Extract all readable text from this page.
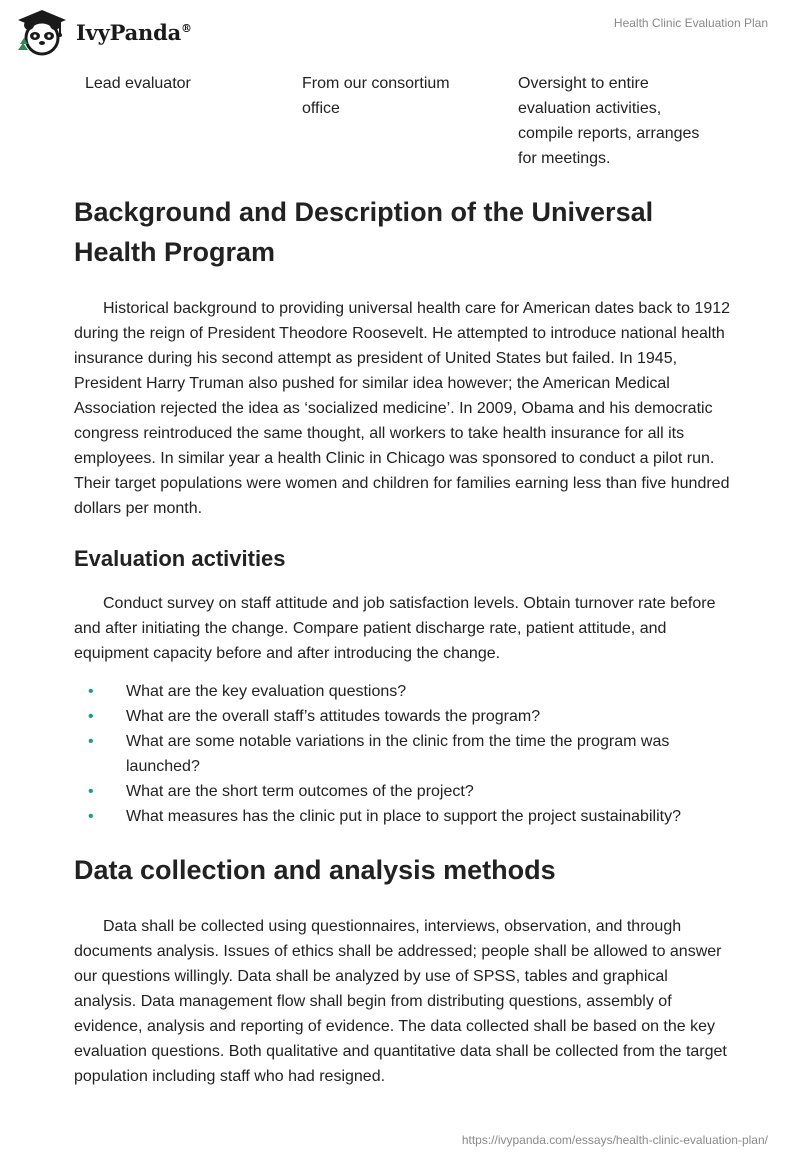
IvyPanda®	Health Clinic Evaluation Plan
Lead evaluator	From our consortium
office
Oversight to entire
evaluation activities,
compile reports, arranges
for meetings.
Background and Description of the Universal Health Program

Historical background to providing universal health care for American dates back to 1912 during the reign of President Theodore Roosevelt. He attempted to introduce national health insurance during his second attempt as president of United States but failed. In 1945, President Harry Truman also pushed for similar idea however; the American Medical Association rejected the idea as ‘socialized medicine’. In 2009, Obama and his democratic congress reintroduced the same thought, all workers to take health insurance for all its employees. In similar year a health Clinic in Chicago was sponsored to conduct a pilot run. Their target populations were women and children for families earning less than five hundred dollars per month.

Evaluation activities

Conduct survey on staff attitude and job satisfaction levels. Obtain turnover rate before and after initiating the change. Compare patient discharge rate, patient attitude, and equipment capacity before and after introducing the change.

• What are the key evaluation questions?
• What are the overall staff’s attitudes towards the program?
• What are some notable variations in the clinic from the time the program was launched?
• What are the short term outcomes of the project?
• What measures has the clinic put in place to support the project sustainability?
Data collection and analysis methods

Data shall be collected using questionnaires, interviews, observation, and through documents analysis. Issues of ethics shall be addressed; people shall be allowed to answer our questions willingly. Data shall be analyzed by use of SPSS, tables and graphical analysis. Data management flow shall begin from distributing questions, assembly of evidence, analysis and reporting of evidence. The data collected shall be based on the key evaluation questions. Both qualitative and quantitative data shall be collected from the target population including staff who had resigned.

https://ivypanda.com/essays/health-clinic-evaluation-plan/
